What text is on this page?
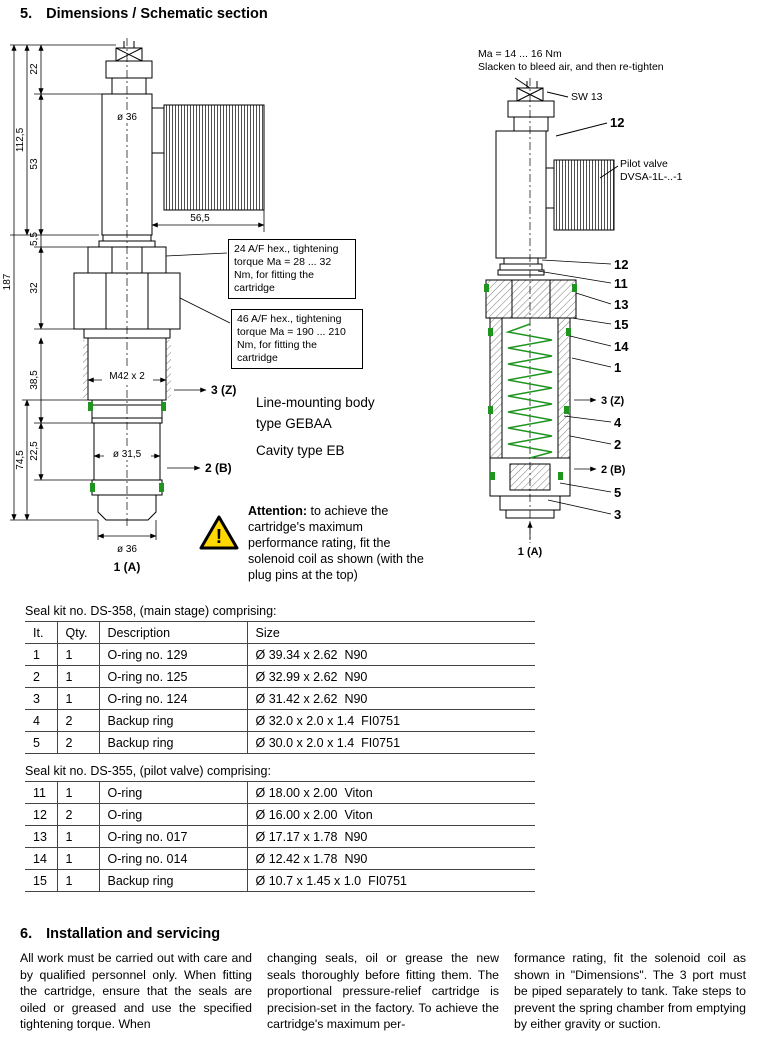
5. Dimensions / Schematic section
22
53
112,5
187
5,5
32
38,5
74,5 22,5
56,5
ø 36
M42 x 2
ø 31,5
ø 36
3 (Z)
2 (B)
1 (A)
SW 13
12
12
11
13
15
14
1
4
2
5
3
3 (Z)
2 (B)
1 (A)
Ma = 14 ... 16 Nm
Slacken to bleed air, and then re-tighten
Pilot valve
DVSA-1L-..-1
24 A/F hex., tightening torque Ma = 28 ... 32 Nm, for fitting the cartridge
46 A/F hex., tightening torque Ma = 190 ... 210 Nm, for fitting the cartridge
Line-mounting body
type GEBAA
Cavity type EB
!
Attention: to achieve the cartridge's maximum performance rating, fit the solenoid coil as shown (with the plug pins at the top)
Seal kit no. DS-358, (main stage) comprising:
It.	Qty.	Description	Size
1	1	O-ring no. 129	Ø 39.34 x 2.62  N90
2	1	O-ring no. 125	Ø 32.99 x 2.62  N90
3	1	O-ring no. 124	Ø 31.42 x 2.62  N90
4	2	Backup ring	Ø 32.0 x 2.0 x 1.4  FI0751
5	2	Backup ring	Ø 30.0 x 2.0 x 1.4  FI0751
Seal kit no. DS-355, (pilot valve) comprising:
11	1	O-ring	Ø 18.00 x 2.00  Viton
12	2	O-ring	Ø 16.00 x 2.00  Viton
13	1	O-ring no. 017	Ø 17.17 x 1.78  N90
14	1	O-ring no. 014	Ø 12.42 x 1.78  N90
15	1	Backup ring	Ø 10.7 x 1.45 x 1.0  FI0751
6. Installation and servicing
All work must be carried out with care and by qualified personnel only. When fitting the cartridge, ensure that the seals are oiled or greased and use the specified tightening torque. When
changing seals, oil or grease the new seals thoroughly before fitting them. The proportional pressure-relief cartridge is precision-set in the factory. To achieve the cartridge's maximum per-
formance rating, fit the solenoid coil as shown in "Dimensions". The 3 port must be piped separately to tank. Take steps to prevent the spring chamber from emptying by either gravity or suction.
